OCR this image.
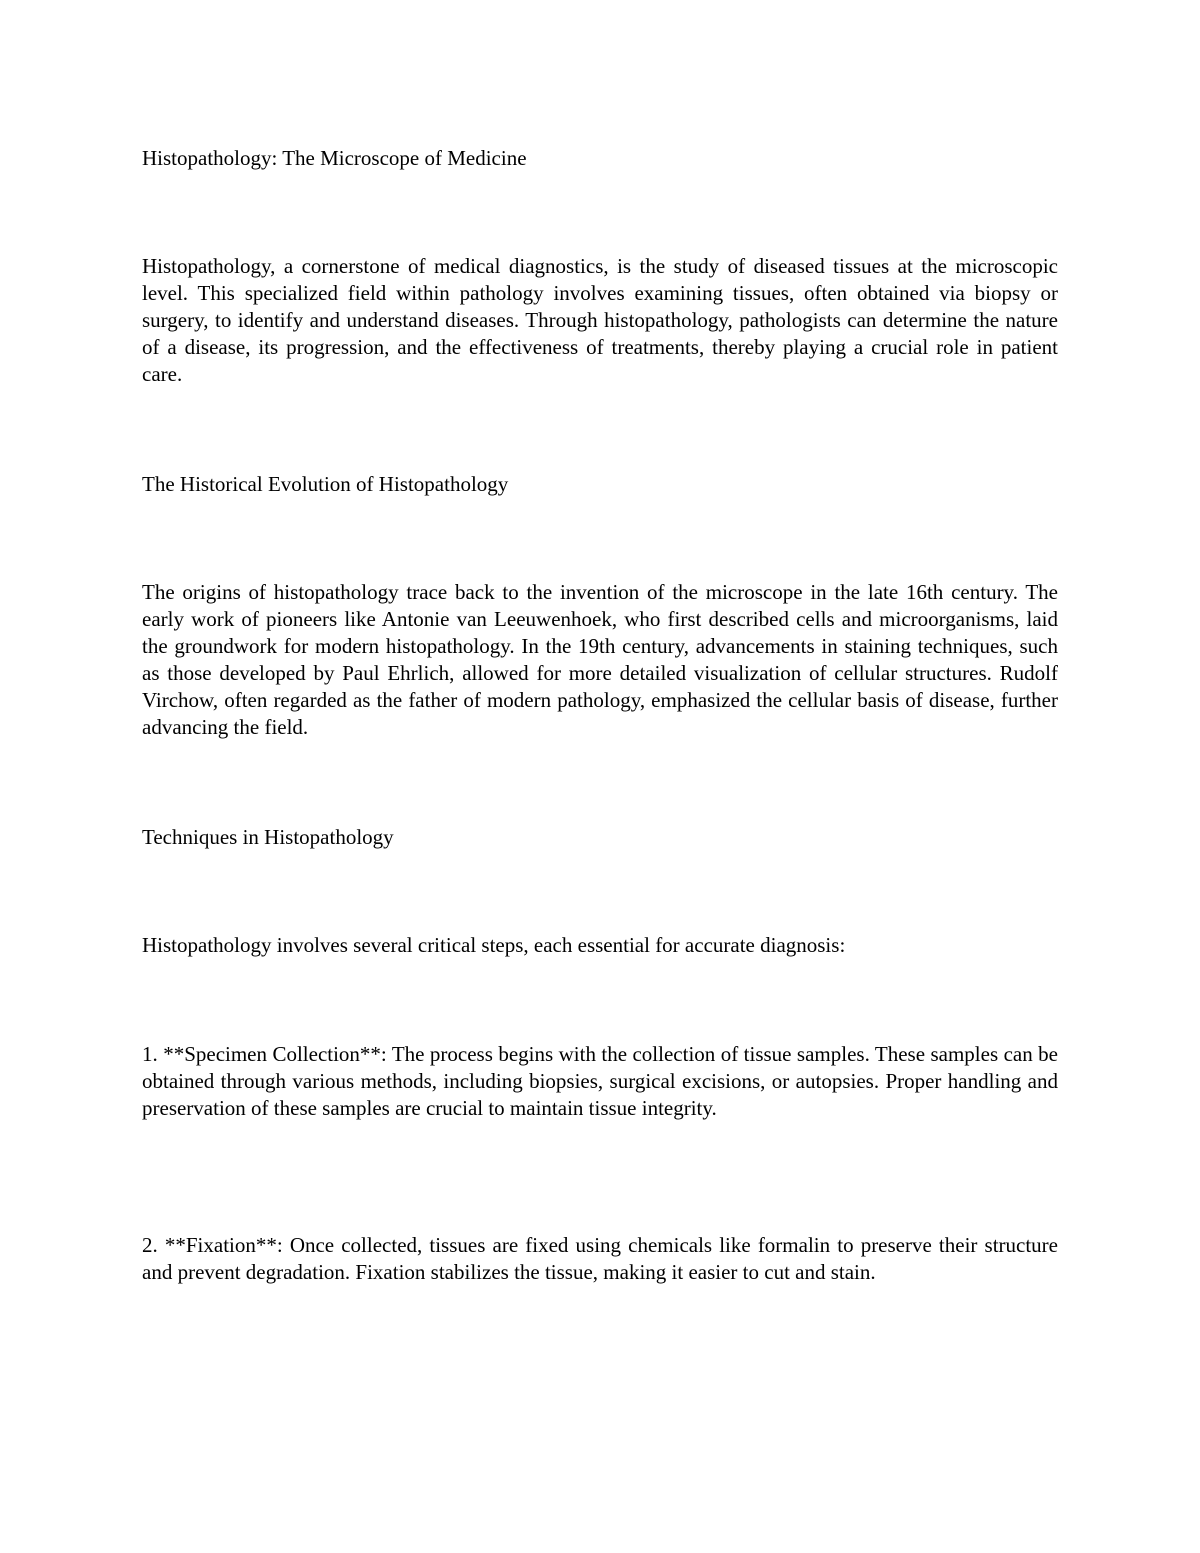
Histopathology: The Microscope of Medicine

Histopathology, a cornerstone of medical diagnostics, is the study of diseased tissues at the microscopic level. This specialized field within pathology involves examining tissues, often obtained via biopsy or surgery, to identify and understand diseases. Through histopathology, pathologists can determine the nature of a disease, its progression, and the effectiveness of treatments, thereby playing a crucial role in patient care.

The Historical Evolution of Histopathology

The origins of histopathology trace back to the invention of the microscope in the late 16th century. The early work of pioneers like Antonie van Leeuwenhoek, who first described cells and microorganisms, laid the groundwork for modern histopathology. In the 19th century, advancements in staining techniques, such as those developed by Paul Ehrlich, allowed for more detailed visualization of cellular structures. Rudolf Virchow, often regarded as the father of modern pathology, emphasized the cellular basis of disease, further advancing the field.

Techniques in Histopathology

Histopathology involves several critical steps, each essential for accurate diagnosis:

1. **Specimen Collection**: The process begins with the collection of tissue samples. These samples can be obtained through various methods, including biopsies, surgical excisions, or autopsies. Proper handling and preservation of these samples are crucial to maintain tissue integrity.

2. **Fixation**: Once collected, tissues are fixed using chemicals like formalin to preserve their structure and prevent degradation. Fixation stabilizes the tissue, making it easier to cut and stain.
